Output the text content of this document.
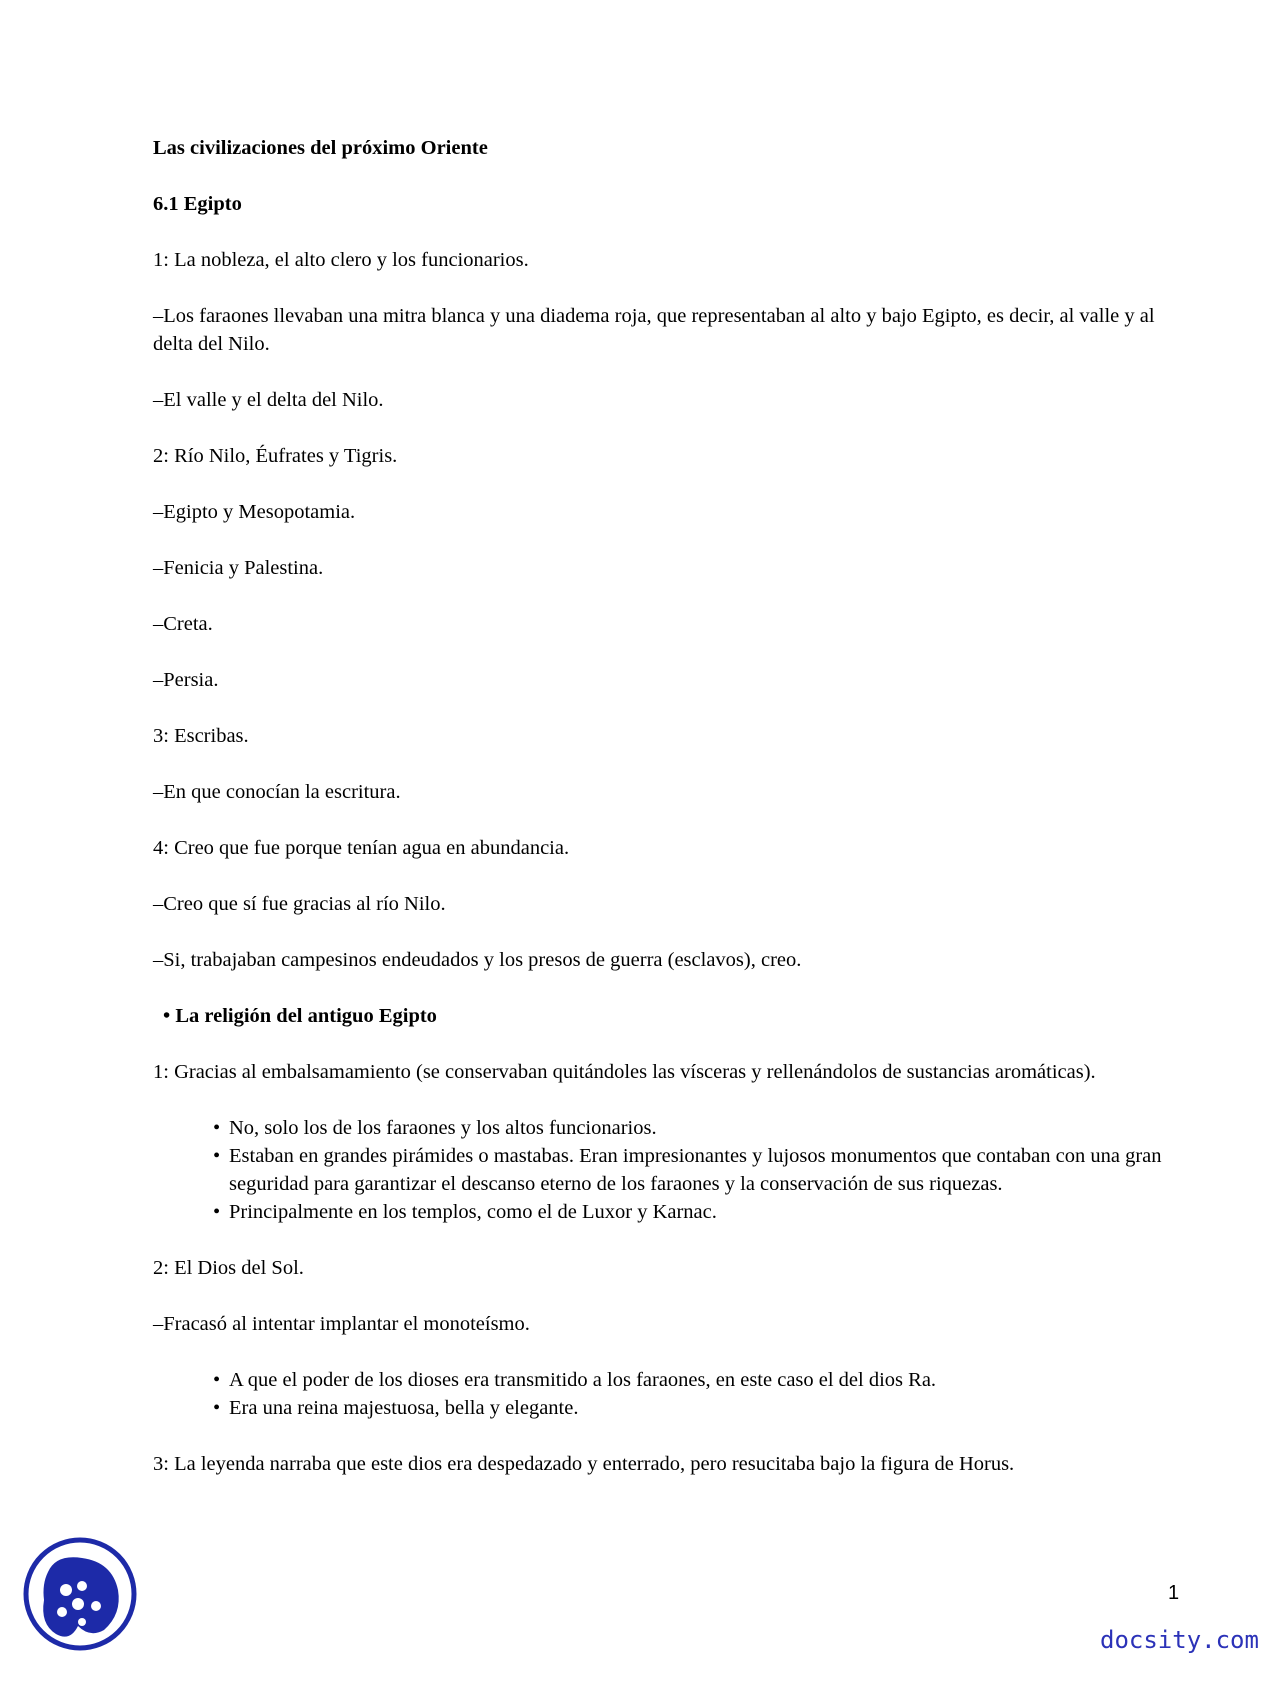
Las civilizaciones del próximo Oriente

6.1 Egipto

1: La nobleza, el alto clero y los funcionarios.

–Los faraones llevaban una mitra blanca y una diadema roja, que representaban al alto y bajo Egipto, es decir, al valle y al delta del Nilo.

–El valle y el delta del Nilo.

2: Río Nilo, Éufrates y Tigris.

–Egipto y Mesopotamia.

–Fenicia y Palestina.

–Creta.

–Persia.

3: Escribas.

–En que conocían la escritura.

4: Creo que fue porque tenían agua en abundancia.

–Creo que sí fue gracias al río Nilo.

–Si, trabajaban campesinos endeudados y los presos de guerra (esclavos), creo.

• La religión del antiguo Egipto

1: Gracias al embalsamamiento (se conservaban quitándoles las vísceras y rellenándolos de sustancias aromáticas).

• No, solo los de los faraones y los altos funcionarios.
• Estaban en grandes pirámides o mastabas. Eran impresionantes y lujosos monumentos que contaban con una gran seguridad para garantizar el descanso eterno de los faraones y la conservación de sus riquezas.
• Principalmente en los templos, como el de Luxor y Karnac.

2: El Dios del Sol.

–Fracasó al intentar implantar el monoteísmo.

• A que el poder de los dioses era transmitido a los faraones, en este caso el del dios Ra.
• Era una reina majestuosa, bella y elegante.

3: La leyenda narraba que este dios era despedazado y enterrado, pero resucitaba bajo la figura de Horus.

1
docsity.com
